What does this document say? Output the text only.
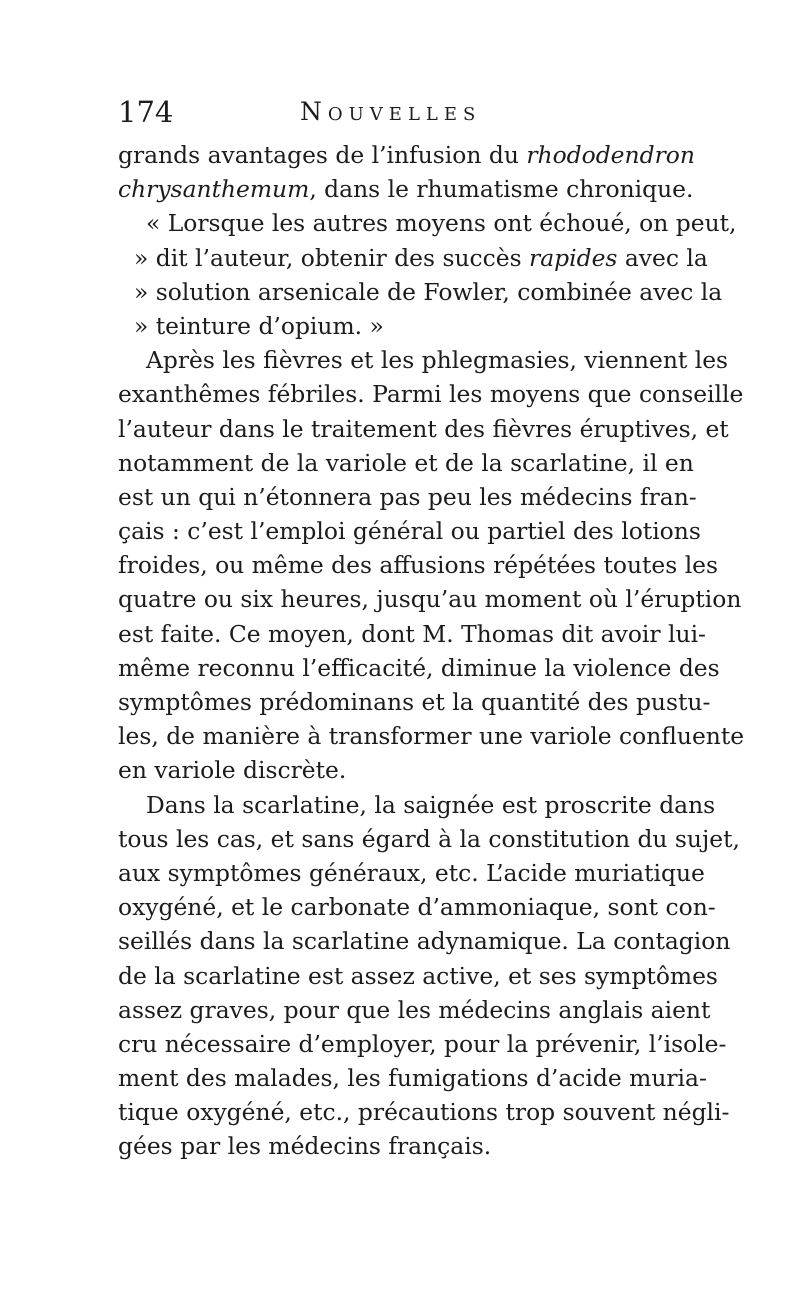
174	Nouvelles
grands avantages de l’infusion du rhododendron
chrysanthemum, dans le rhumatisme chronique.
« Lorsque les autres moyens ont échoué, on peut,
» dit l’auteur, obtenir des succès rapides avec la
» solution arsenicale de Fowler, combinée avec la
» teinture d’opium. »
Après les fièvres et les phlegmasies, viennent les
exanthêmes fébriles. Parmi les moyens que conseille
l’auteur dans le traitement des fièvres éruptives, et
notamment de la variole et de la scarlatine, il en
est un qui n’étonnera pas peu les médecins fran-
çais : c’est l’emploi général ou partiel des lotions
froides, ou même des affusions répétées toutes les
quatre ou six heures, jusqu’au moment où l’éruption
est faite. Ce moyen, dont M. Thomas dit avoir lui-
même reconnu l’efficacité, diminue la violence des
symptômes prédominans et la quantité des pustu-
les, de manière à transformer une variole confluente
en variole discrète.
Dans la scarlatine, la saignée est proscrite dans
tous les cas, et sans égard à la constitution du sujet,
aux symptômes généraux, etc. L’acide muriatique
oxygéné, et le carbonate d’ammoniaque, sont con-
seillés dans la scarlatine adynamique. La contagion
de la scarlatine est assez active, et ses symptômes
assez graves, pour que les médecins anglais aient
cru nécessaire d’employer, pour la prévenir, l’isole-
ment des malades, les fumigations d’acide muria-
tique oxygéné, etc., précautions trop souvent négli-
gées par les médecins français.
